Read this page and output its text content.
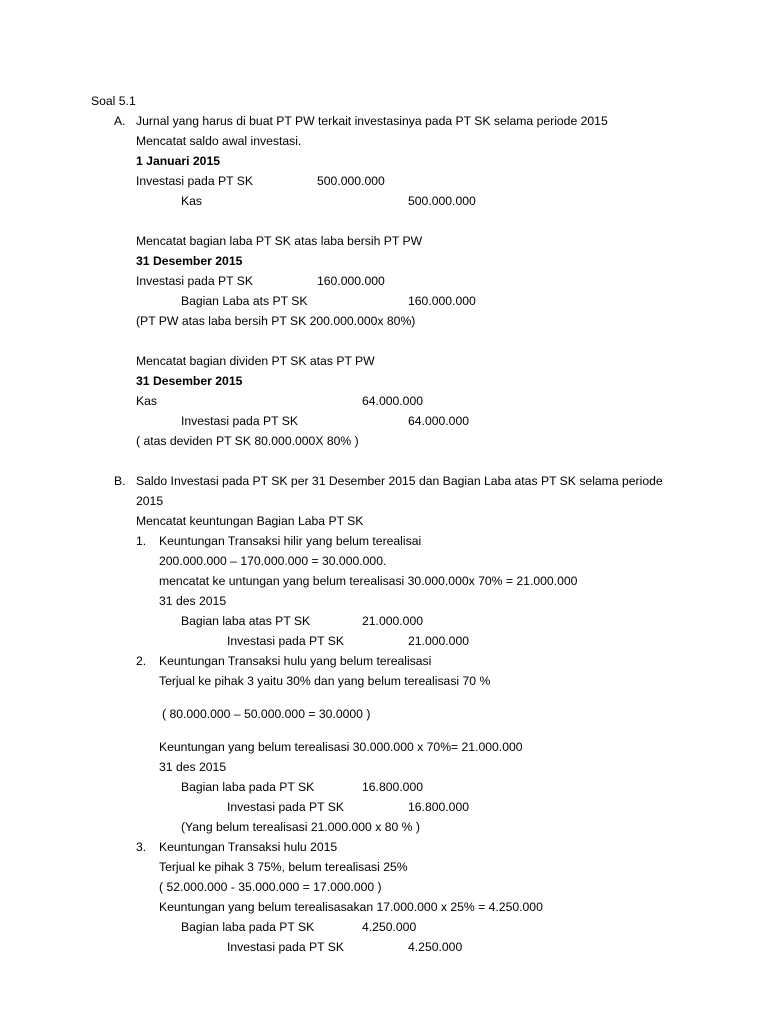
Soal 5.1
A. Jurnal yang harus di buat PT PW terkait investasinya pada PT SK selama periode 2015
Mencatat saldo awal investasi.
1 Januari 2015
Investasi pada PT SK	500.000.000
Kas	500.000.000
Mencatat bagian laba PT SK atas laba bersih PT PW
31 Desember 2015
Investasi pada PT SK	160.000.000
Bagian Laba ats PT SK	160.000.000
(PT PW atas laba bersih PT SK 200.000.000x 80%)
Mencatat bagian dividen PT SK atas PT PW
31 Desember 2015
Kas	64.000.000
Investasi pada PT SK	64.000.000
( atas deviden PT SK 80.000.000X 80% )
B. Saldo Investasi pada PT SK per 31 Desember 2015 dan Bagian Laba atas PT SK selama periode
2015
Mencatat keuntungan Bagian Laba PT SK
1. Keuntungan Transaksi hilir yang belum terealisai
200.000.000 – 170.000.000 = 30.000.000.
mencatat ke untungan yang belum terealisasi 30.000.000x 70% = 21.000.000
31 des 2015
Bagian laba atas PT SK	21.000.000
Investasi pada PT SK	21.000.000
2. Keuntungan Transaksi hulu yang belum terealisasi
Terjual ke pihak 3 yaitu 30% dan yang belum terealisasi 70 %
( 80.000.000 – 50.000.000 = 30.0000 )
Keuntungan yang belum terealisasi 30.000.000 x 70%= 21.000.000
31 des 2015
Bagian laba pada PT SK	16.800.000
Investasi pada PT SK	16.800.000
(Yang belum terealisasi 21.000.000 x 80 % )
3. Keuntungan Transaksi hulu 2015
Terjual ke pihak 3 75%, belum terealisasi 25%
( 52.000.000 - 35.000.000 = 17.000.000 )
Keuntungan yang belum terealisasakan 17.000.000 x 25% = 4.250.000
Bagian laba pada PT SK	4.250.000
Investasi pada PT SK	4.250.000
